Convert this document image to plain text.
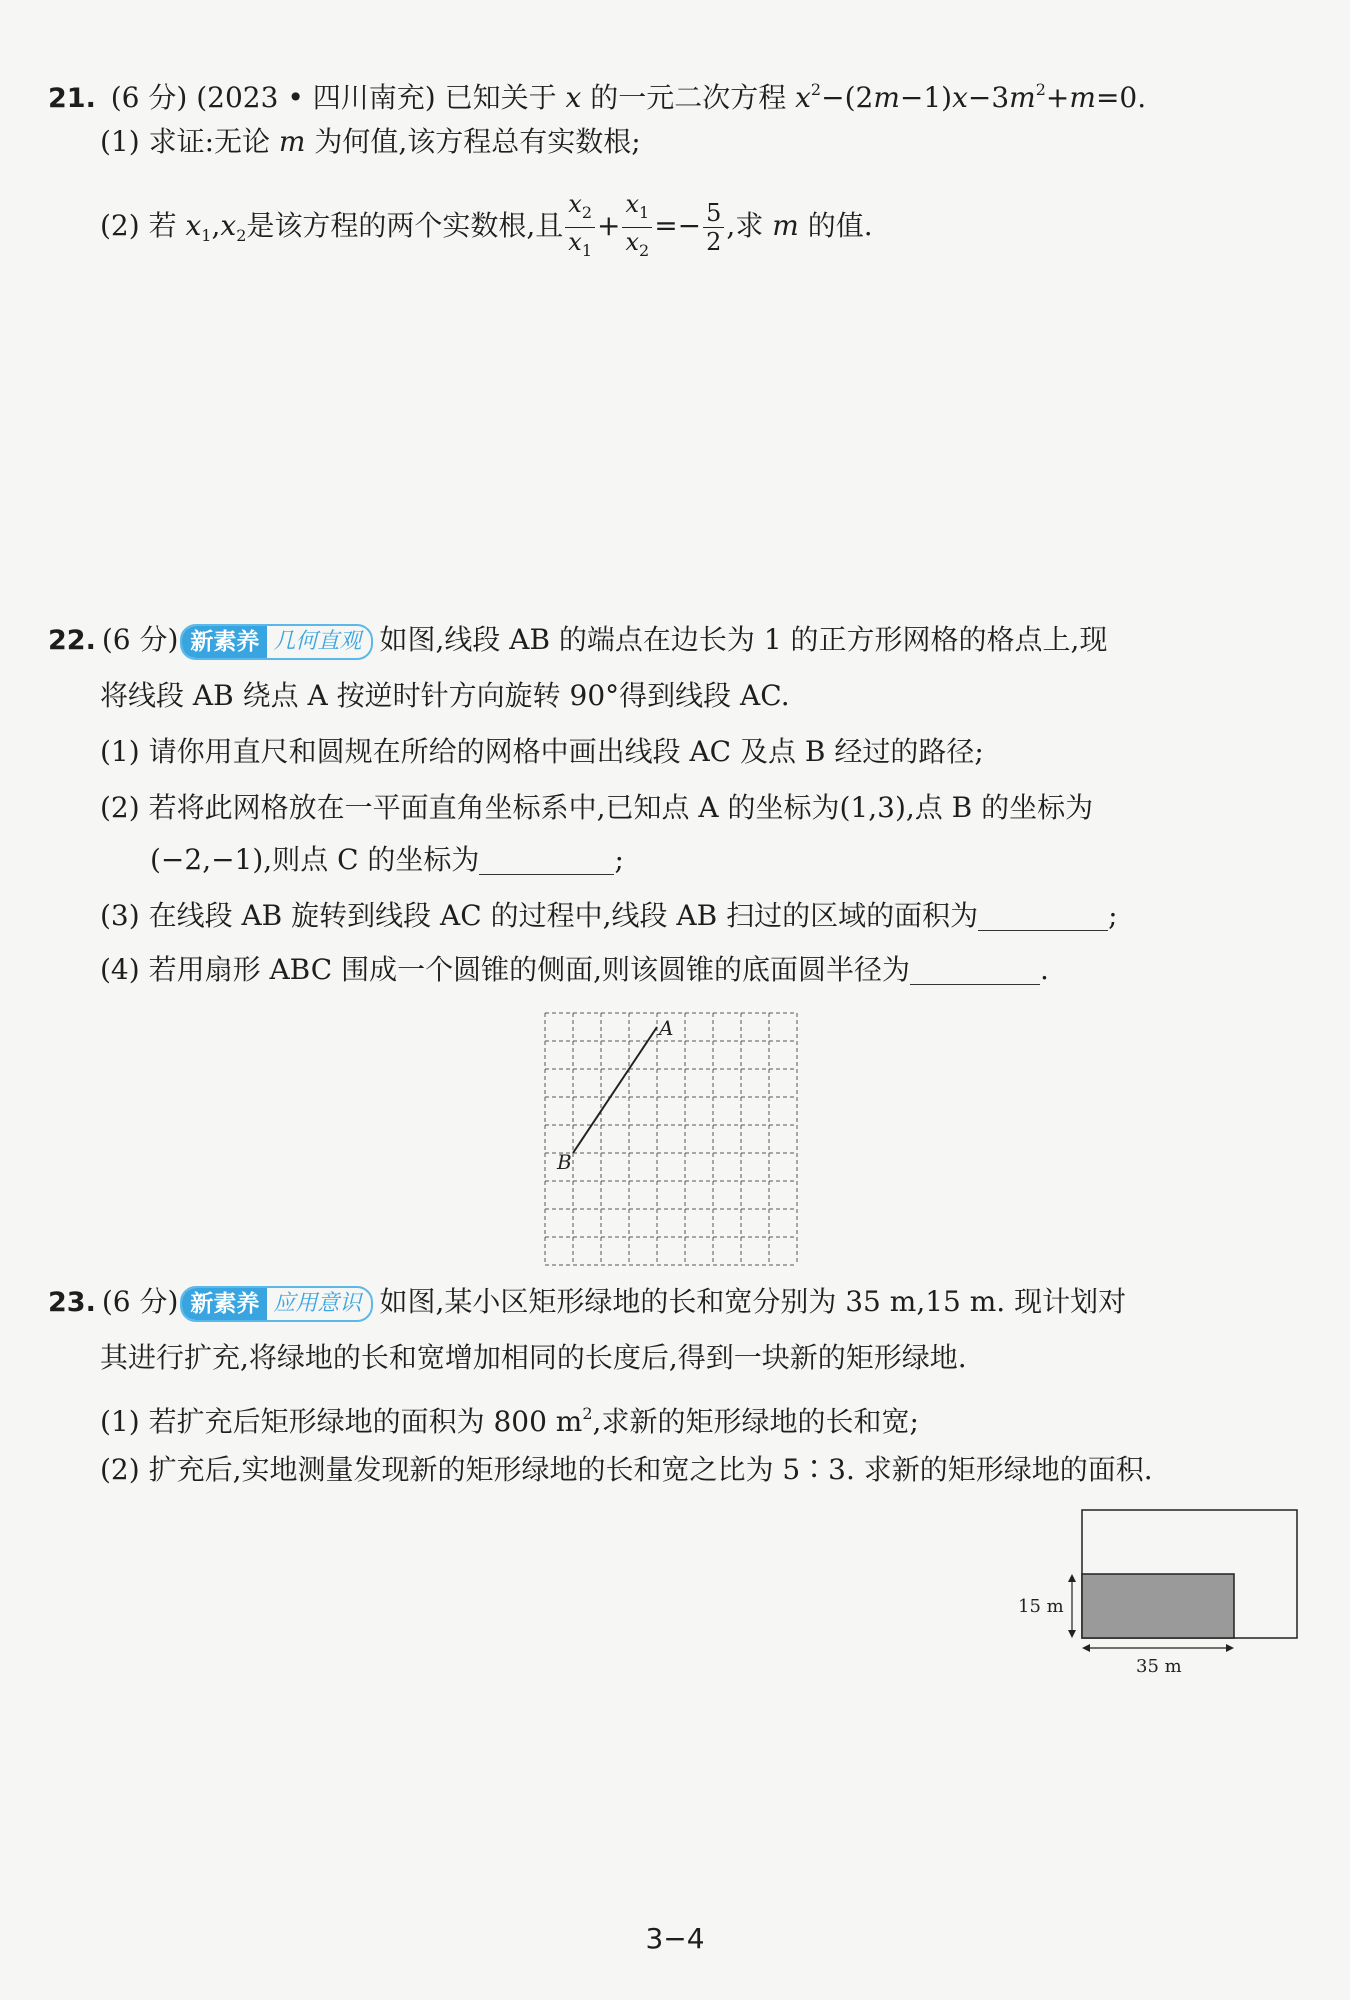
21. (6 分) (2023 • 四川南充) 已知关于 x 的一元二次方程 $x^2-(2m-1)x-3m^2+m=0$.
(1) 求证:无论 m 为何值,该方程总有实数根;
(2) 若 $x_1,x_2$是该方程的两个实数根,且 $\frac{x_2}{x_1} + \frac{x_1}{x_2} =- \frac{5}{2}$ ,求 m 的值.
22. (6 分) 新素养 几何直观 如图,线段 AB 的端点在边长为 1 的正方形网格的格点上,现
将线段 AB 绕点 A 按逆时针方向旋转 90°得到线段 AC.
(1) 请你用直尺和圆规在所给的网格中画出线段 AC 及点 B 经过的路径;
(2) 若将此网格放在一平面直角坐标系中,已知点 A 的坐标为(1,3),点 B 的坐标为
(−2,−1),则点 C 的坐标为	;
(3) 在线段 AB 旋转到线段 AC 的过程中,线段 AB 扫过的区域的面积为	;
(4) 若用扇形 ABC 围成一个圆锥的侧面,则该圆锥的底面圆半径为	.
A
B
23. (6 分) 新素养 应用意识 如图,某小区矩形绿地的长和宽分别为 35 m,15 m. 现计划对
其进行扩充,将绿地的长和宽增加相同的长度后,得到一块新的矩形绿地.
(1) 若扩充后矩形绿地的面积为 800 $m^2$,求新的矩形绿地的长和宽;
(2) 扩充后,实地测量发现新的矩形绿地的长和宽之比为 5∶3. 求新的矩形绿地的面积.
15 m
35 m
3−4
